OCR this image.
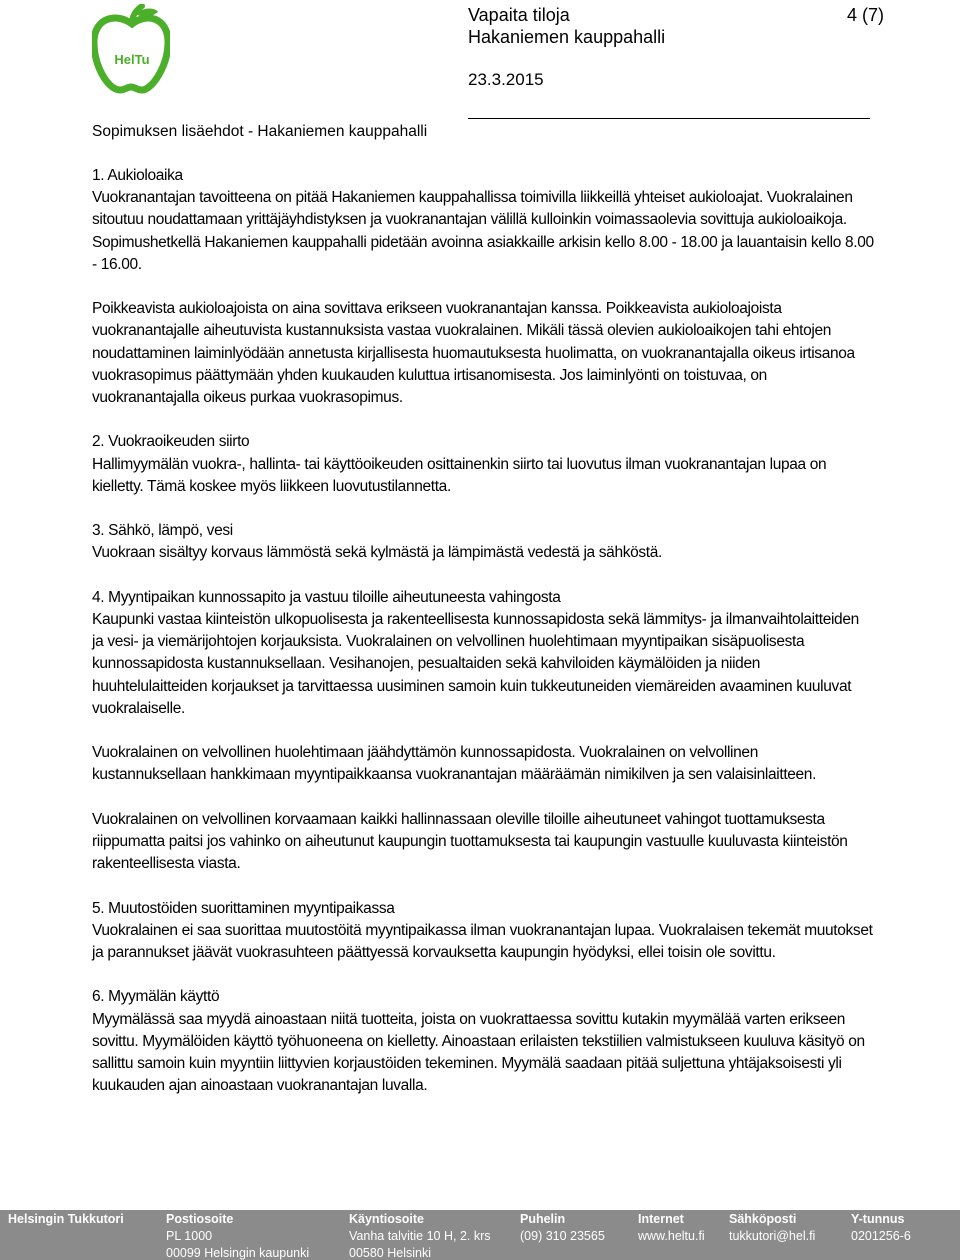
HelTu
Vapaita tiloja
Hakaniemen kauppahalli
23.3.2015
4 (7)
Sopimuksen lisäehdot - Hakaniemen kauppahalli

1. Aukioloaika

Vuokranantajan tavoitteena on pitää Hakaniemen kauppahallissa toimivilla liikkeillä yhteiset aukioloajat. Vuokralainen sitoutuu noudattamaan yrittäjäyhdistyksen ja vuokranantajan välillä kulloinkin voimassaolevia sovittuja aukioloaikoja. Sopimushetkellä Hakaniemen kauppahalli pidetään avoinna asiakkaille arkisin kello 8.00 - 18.00 ja lauantaisin kello 8.00 - 16.00.

Poikkeavista aukioloajoista on aina sovittava erikseen vuokranantajan kanssa. Poikkeavista aukioloajoista vuokranantajalle aiheutuvista kustannuksista vastaa vuokralainen. Mikäli tässä olevien aukioloaikojen tahi ehtojen noudattaminen laiminlyödään annetusta kirjallisesta huomautuksesta huolimatta, on vuokranantajalla oikeus irtisanoa vuokrasopimus päättymään yhden kuukauden kuluttua irtisanomisesta. Jos laiminlyönti on toistuvaa, on vuokranantajalla oikeus purkaa vuokrasopimus.

2. Vuokraoikeuden siirto

Hallimyymälän vuokra-, hallinta- tai käyttöoikeuden osittainenkin siirto tai luovutus ilman vuokranantajan lupaa on kielletty. Tämä koskee myös liikkeen luovutustilannetta.

3. Sähkö, lämpö, vesi

Vuokraan sisältyy korvaus lämmöstä sekä kylmästä ja lämpimästä vedestä ja sähköstä.

4. Myyntipaikan kunnossapito ja vastuu tiloille aiheutuneesta vahingosta

Kaupunki vastaa kiinteistön ulkopuolisesta ja rakenteellisesta kunnossapidosta sekä lämmitys- ja ilmanvaihtolaitteiden ja vesi- ja viemärijohtojen korjauksista. Vuokralainen on velvollinen huolehtimaan myyntipaikan sisäpuolisesta kunnossapidosta kustannuksellaan. Vesihanojen, pesualtaiden sekä kahviloiden käymälöiden ja niiden huuhtelulaitteiden korjaukset ja tarvittaessa uusiminen samoin kuin tukkeutuneiden viemäreiden avaaminen kuuluvat vuokralaiselle.

Vuokralainen on velvollinen huolehtimaan jäähdyttämön kunnossapidosta. Vuokralainen on velvollinen kustannuksellaan hankkimaan myyntipaikkaansa vuokranantajan määräämän nimikilven ja sen valaisinlaitteen.

Vuokralainen on velvollinen korvaamaan kaikki hallinnassaan oleville tiloille aiheutuneet vahingot tuottamuksesta riippumatta paitsi jos vahinko on aiheutunut kaupungin tuottamuksesta tai kaupungin vastuulle kuuluvasta kiinteistön rakenteellisesta viasta.

5. Muutostöiden suorittaminen myyntipaikassa

Vuokralainen ei saa suorittaa muutostöitä myyntipaikassa ilman vuokranantajan lupaa. Vuokralaisen tekemät muutokset ja parannukset jäävät vuokrasuhteen päättyessä korvauksetta kaupungin hyödyksi, ellei toisin ole sovittu.

6. Myymälän käyttö

Myymälässä saa myydä ainoastaan niitä tuotteita, joista on vuokrattaessa sovittu kutakin myymälää varten erikseen sovittu. Myymälöiden käyttö työhuoneena on kielletty. Ainoastaan erilaisten tekstiilien valmistukseen kuuluva käsityö on sallittu samoin kuin myyntiin liittyvien korjaustöiden tekeminen. Myymälä saadaan pitää suljettuna yhtäjaksoisesti yli kuukauden ajan ainoastaan vuokranantajan luvalla.

Helsingin Tukkutori	Postiosoite
PL 1000
00099 Helsingin kaupunki
Käyntiosoite
Vanha talvitie 10 H, 2. krs
00580 Helsinki
Puhelin
(09) 310 23565
Internet
www.heltu.fi
Sähköposti
tukkutori@hel.fi
Y-tunnus
0201256-6
